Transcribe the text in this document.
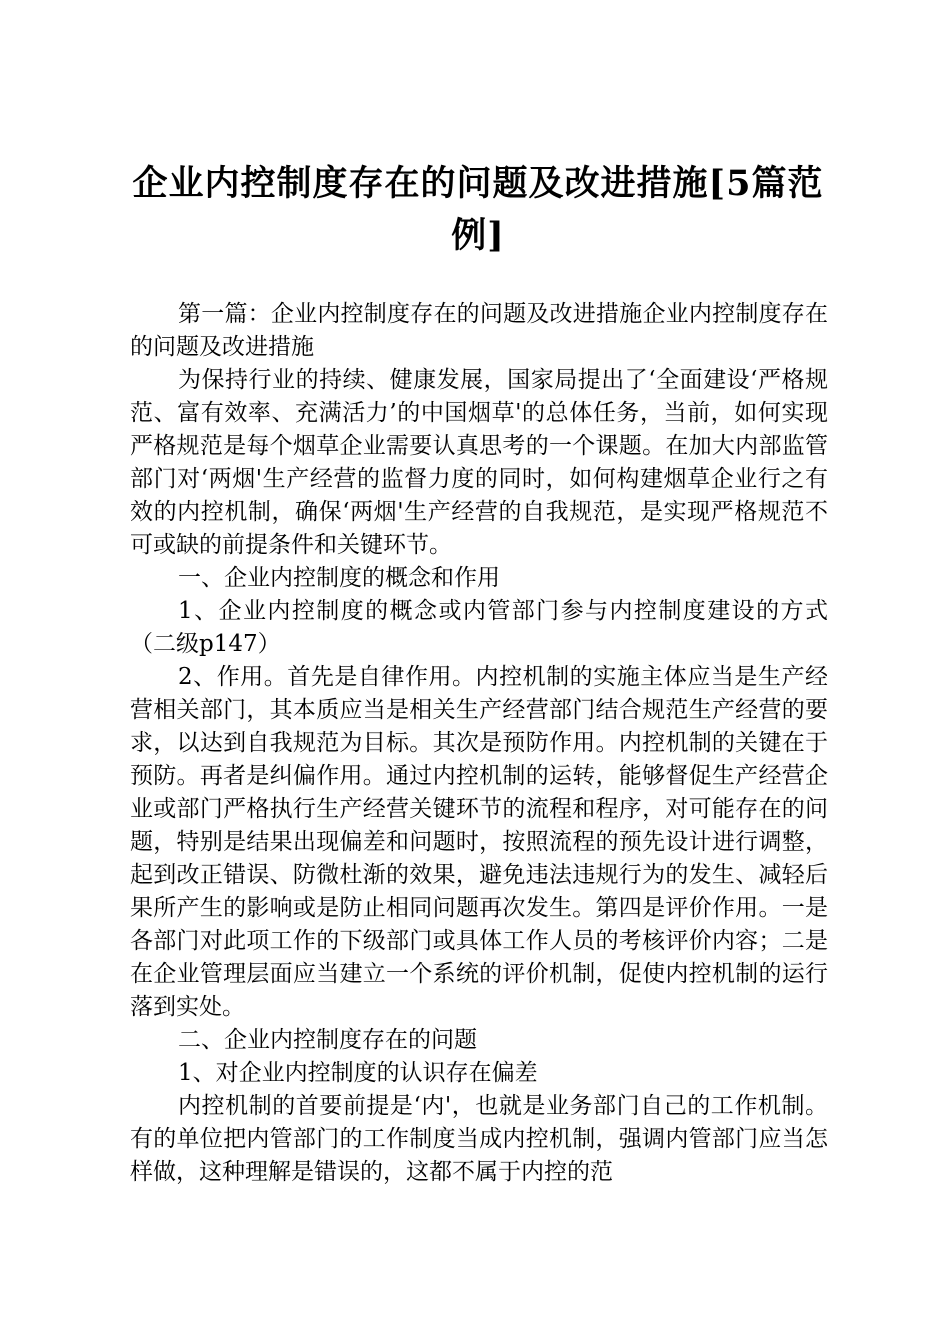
企业内控制度存在的问题及改进措施[5篇范例]

第一篇：企业内控制度存在的问题及改进措施企业内控制度存在的问题及改进措施

为保持行业的持续、健康发展，国家局提出了‘全面建设‘严格规范、富有效率、充满活力’的中国烟草'的总体任务，当前，如何实现严格规范是每个烟草企业需要认真思考的一个课题。在加大内部监管部门对‘两烟'生产经营的监督力度的同时，如何构建烟草企业行之有效的内控机制，确保‘两烟'生产经营的自我规范，是实现严格规范不可或缺的前提条件和关键环节。

一、企业内控制度的概念和作用

1、企业内控制度的概念或内管部门参与内控制度建设的方式（二级p147）

2、作用。首先是自律作用。内控机制的实施主体应当是生产经营相关部门，其本质应当是相关生产经营部门结合规范生产经营的要求，以达到自我规范为目标。其次是预防作用。内控机制的关键在于预防。再者是纠偏作用。通过内控机制的运转，能够督促生产经营企业或部门严格执行生产经营关键环节的流程和程序，对可能存在的问题，特别是结果出现偏差和问题时，按照流程的预先设计进行调整，起到改正错误、防微杜渐的效果，避免违法违规行为的发生、减轻后果所产生的影响或是防止相同问题再次发生。第四是评价作用。一是各部门对此项工作的下级部门或具体工作人员的考核评价内容；二是在企业管理层面应当建立一个系统的评价机制，促使内控机制的运行落到实处。

二、企业内控制度存在的问题

1、对企业内控制度的认识存在偏差

内控机制的首要前提是‘内'，也就是业务部门自己的工作机制。有的单位把内管部门的工作制度当成内控机制，强调内管部门应当怎样做，这种理解是错误的，这都不属于内控的范
